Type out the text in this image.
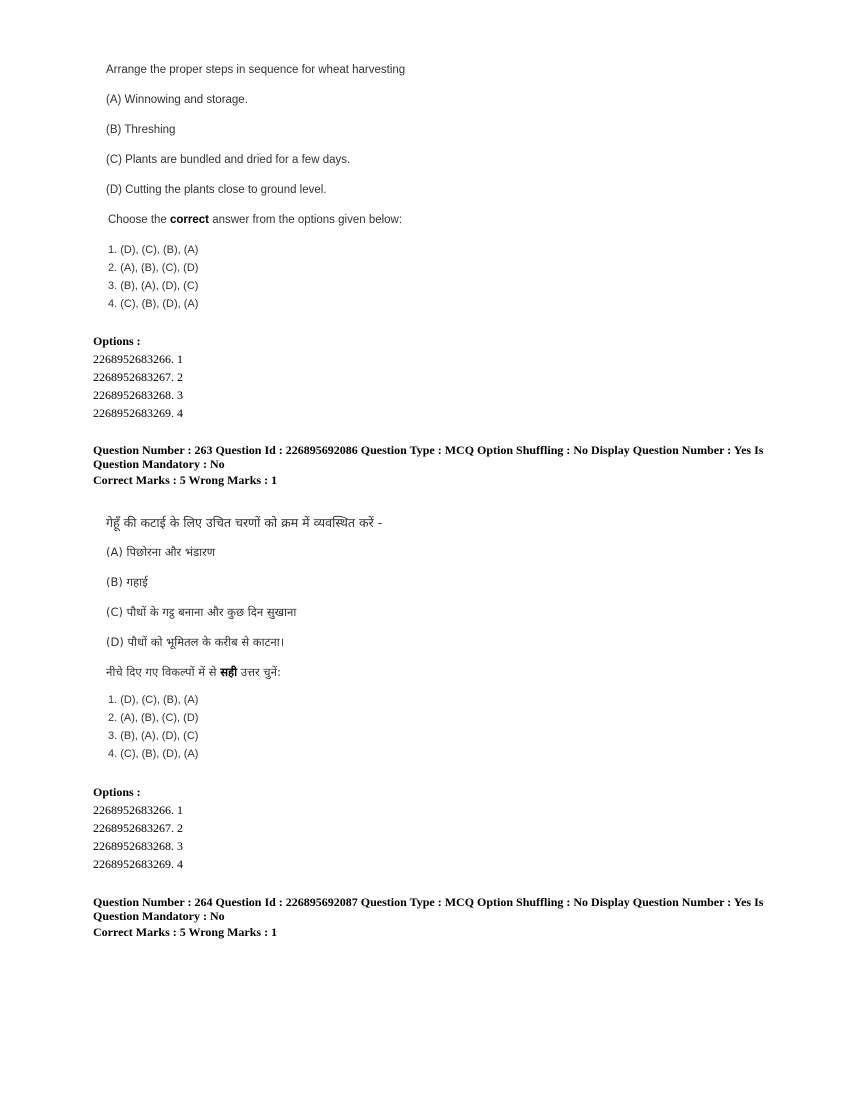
Arrange the proper steps in sequence for wheat harvesting
(A) Winnowing and storage.
(B) Threshing
(C) Plants are bundled and dried for a few days.
(D) Cutting the plants close to ground level.
Choose the correct answer from the options given below:
1. (D), (C), (B), (A)
2. (A), (B), (C), (D)
3. (B), (A), (D), (C)
4. (C), (B), (D), (A)
Options :
2268952683266. 1
2268952683267. 2
2268952683268. 3
2268952683269. 4
Question Number : 263 Question Id : 226895692086 Question Type : MCQ Option Shuffling : No Display Question Number : Yes Is
Question Mandatory : No
Correct Marks : 5 Wrong Marks : 1
गेहूँ की कटाई के लिए उचित चरणों को क्रम में व्यवस्थित करें -
(A) पिछोरना और भंडारण
(B) गहाई
(C) पौधों के गट्ठ बनाना और कुछ दिन सुखाना
(D) पौधों को भूमितल के करीब से काटना।
नीचे दिए गए विकल्पों में से सही उत्तर चुनें:
1. (D), (C), (B), (A)
2. (A), (B), (C), (D)
3. (B), (A), (D), (C)
4. (C), (B), (D), (A)
Options :
2268952683266. 1
2268952683267. 2
2268952683268. 3
2268952683269. 4
Question Number : 264 Question Id : 226895692087 Question Type : MCQ Option Shuffling : No Display Question Number : Yes Is
Question Mandatory : No
Correct Marks : 5 Wrong Marks : 1
